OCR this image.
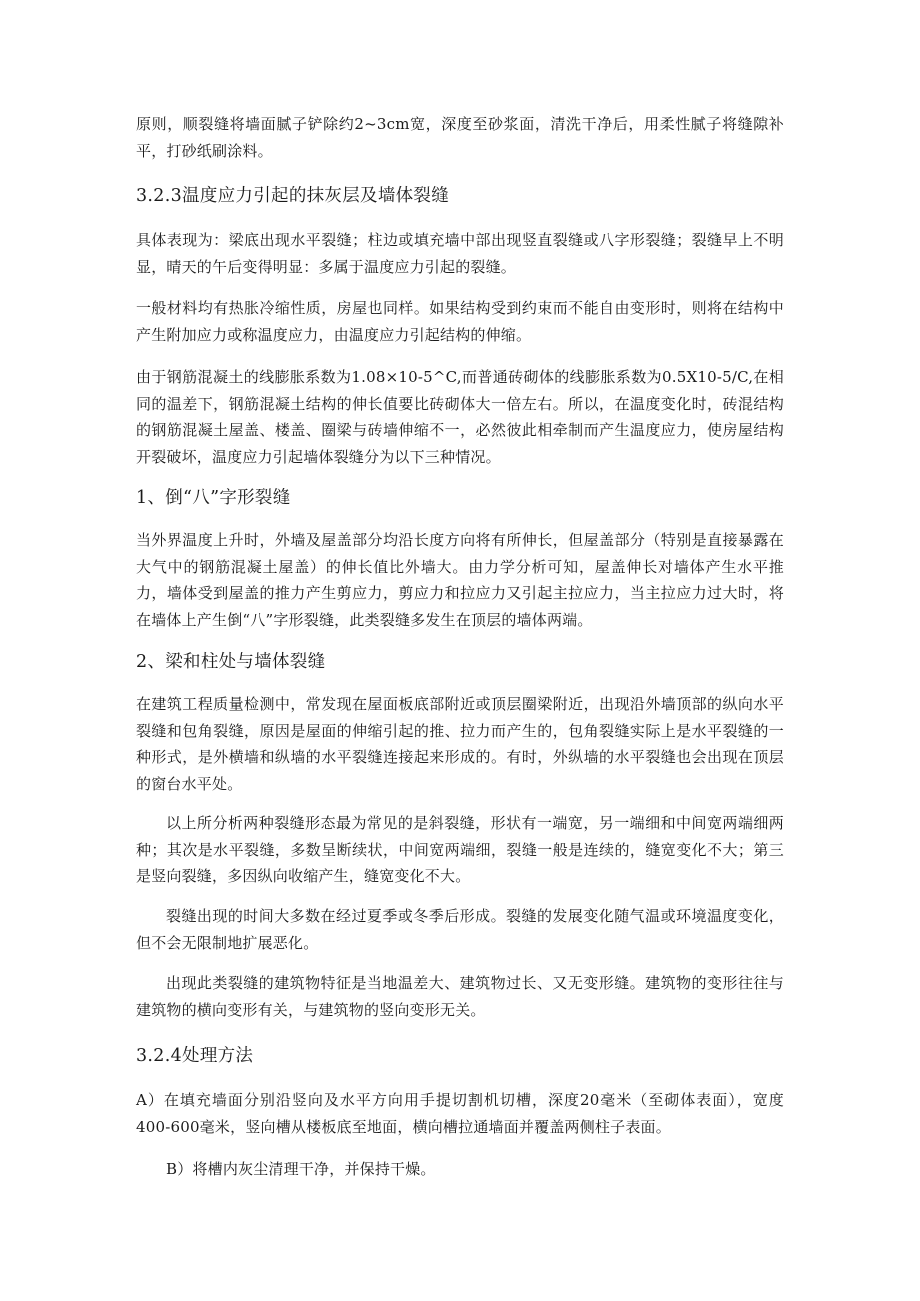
原则，顺裂缝将墙面腻子铲除约2~3cm宽，深度至砂浆面，清洗干净后，用柔性腻子将缝隙补平，打砂纸刷涂料。

3.2.3温度应力引起的抹灰层及墙体裂缝

具体表现为：梁底出现水平裂缝；柱边或填充墙中部出现竖直裂缝或八字形裂缝；裂缝早上不明显，晴天的午后变得明显：多属于温度应力引起的裂缝。

一般材料均有热胀冷缩性质，房屋也同样。如果结构受到约束而不能自由变形时，则将在结构中产生附加应力或称温度应力，由温度应力引起结构的伸缩。

由于钢筋混凝土的线膨胀系数为1.08×10-5^C,而普通砖砌体的线膨胀系数为0.5X10-5/C,在相同的温差下，钢筋混凝土结构的伸长值要比砖砌体大一倍左右。所以，在温度变化时，砖混结构的钢筋混凝土屋盖、楼盖、圈梁与砖墙伸缩不一，必然彼此相牵制而产生温度应力，使房屋结构开裂破坏，温度应力引起墙体裂缝分为以下三种情况。

1、倒“八”字形裂缝

当外界温度上升时，外墙及屋盖部分均沿长度方向将有所伸长，但屋盖部分（特别是直接暴露在大气中的钢筋混凝土屋盖）的伸长值比外墙大。由力学分析可知，屋盖伸长对墙体产生水平推力，墙体受到屋盖的推力产生剪应力，剪应力和拉应力又引起主拉应力，当主拉应力过大时，将在墙体上产生倒“八”字形裂缝，此类裂缝多发生在顶层的墙体两端。

2、梁和柱处与墙体裂缝

在建筑工程质量检测中，常发现在屋面板底部附近或顶层圈梁附近，出现沿外墙顶部的纵向水平裂缝和包角裂缝，原因是屋面的伸缩引起的推、拉力而产生的，包角裂缝实际上是水平裂缝的一种形式，是外横墙和纵墙的水平裂缝连接起来形成的。有时，外纵墙的水平裂缝也会出现在顶层的窗台水平处。

以上所分析两种裂缝形态最为常见的是斜裂缝，形状有一端宽，另一端细和中间宽两端细两种；其次是水平裂缝，多数呈断续状，中间宽两端细，裂缝一般是连续的，缝宽变化不大；第三是竖向裂缝，多因纵向收缩产生，缝宽变化不大。

裂缝出现的时间大多数在经过夏季或冬季后形成。裂缝的发展变化随气温或环境温度变化，但不会无限制地扩展恶化。

出现此类裂缝的建筑物特征是当地温差大、建筑物过长、又无变形缝。建筑物的变形往往与建筑物的横向变形有关，与建筑物的竖向变形无关。

3.2.4处理方法

A）在填充墙面分别沿竖向及水平方向用手提切割机切槽，深度20毫米（至砌体表面），宽度400-600毫米，竖向槽从楼板底至地面，横向槽拉通墙面并覆盖两侧柱子表面。

B）将槽内灰尘清理干净，并保持干燥。
